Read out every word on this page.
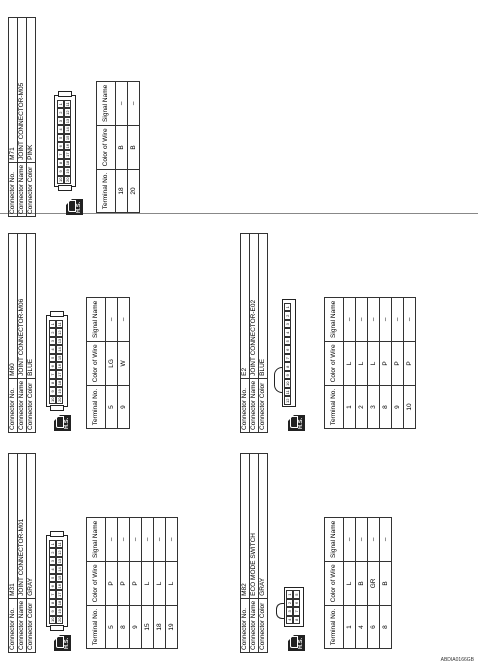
Connector No.	M31
Connector Name	JOINT CONNECTOR-M01
Connector Color	GRAY
H.S.
10
9
8
7
6
5
4
3
2
1
20
19
18
17
16
15
14
13
12
11
Terminal No.	Color of Wire	Signal Name
5	P	–
8	P	–
9	P	–
15	L	–
18	L	–
19	L	–
Connector No.	M60
Connector Name	JOINT CONNECTOR-M06
Connector Color	BLUE
H.S.
10
9
8
7
6
5
4
3
2
1
20
19
18
17
16
15
14
13
12
11
Terminal No.	Color of Wire	Signal Name
5	LG	–
9	W	–
Connector No.	M71
Connector Name	JOINT CONNECTOR-M05
Connector Color	PINK
H.S.
10
9
8
7
6
5
4
3
2
1
20
19
18
17
16
15
14
13
12
11
Terminal No.	Color of Wire	Signal Name
18	B	–
20	B	–
Connector No.	M82
Connector Name	ECO MODE SWITCH
Connector Color	GRAY
H.S.
4
3
2
1
8
7
6
5
Terminal No.	Color of Wire	Signal Name
1	L	–
4	B	–
6	GR	–
8	B	–
Connector No.	E2
Connector Name	JOINT CONNECTOR-E02
Connector Color	BLUE
H.S.
12
11
10
9
8
7
6
5
4
3
2
1
Terminal No.	Color of Wire	Signal Name
1	L	–
2	L	–
3	L	–
8	P	–
9	P	–
10	P	–
ABDIA0166GB
